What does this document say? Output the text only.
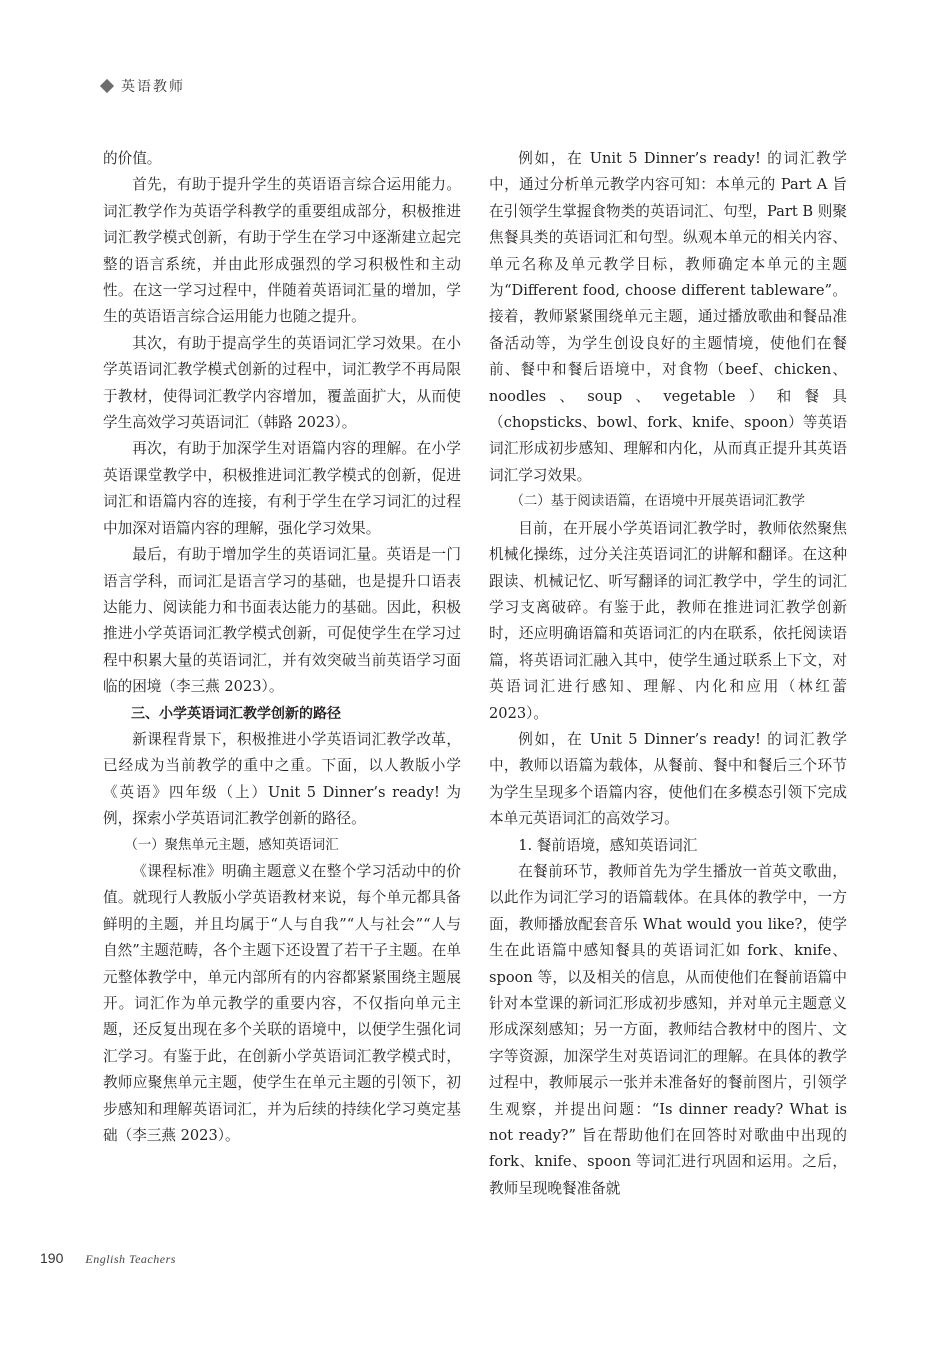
英语教师

的价值。

首先，有助于提升学生的英语语言综合运用能力。词汇教学作为英语学科教学的重要组成部分，积极推进词汇教学模式创新，有助于学生在学习中逐渐建立起完整的语言系统，并由此形成强烈的学习积极性和主动性。在这一学习过程中，伴随着英语词汇量的增加，学生的英语语言综合运用能力也随之提升。

其次，有助于提高学生的英语词汇学习效果。在小学英语词汇教学模式创新的过程中，词汇教学不再局限于教材，使得词汇教学内容增加，覆盖面扩大，从而使学生高效学习英语词汇（韩路 2023）。

再次，有助于加深学生对语篇内容的理解。在小学英语课堂教学中，积极推进词汇教学模式的创新，促进词汇和语篇内容的连接，有利于学生在学习词汇的过程中加深对语篇内容的理解，强化学习效果。

最后，有助于增加学生的英语词汇量。英语是一门语言学科，而词汇是语言学习的基础，也是提升口语表达能力、阅读能力和书面表达能力的基础。因此，积极推进小学英语词汇教学模式创新，可促使学生在学习过程中积累大量的英语词汇，并有效突破当前英语学习面临的困境（李三燕 2023）。

三、小学英语词汇教学创新的路径

新课程背景下，积极推进小学英语词汇教学改革，已经成为当前教学的重中之重。下面，以人教版小学《英语》四年级（上）Unit 5 Dinner’s ready! 为例，探索小学英语词汇教学创新的路径。

（一）聚焦单元主题，感知英语词汇

《课程标准》明确主题意义在整个学习活动中的价值。就现行人教版小学英语教材来说，每个单元都具备鲜明的主题，并且均属于“人与自我”“人与社会”“人与自然”主题范畴，各个主题下还设置了若干子主题。在单元整体教学中，单元内部所有的内容都紧紧围绕主题展开。词汇作为单元教学的重要内容，不仅指向单元主题，还反复出现在多个关联的语境中，以便学生强化词汇学习。有鉴于此，在创新小学英语词汇教学模式时，教师应聚焦单元主题，使学生在单元主题的引领下，初步感知和理解英语词汇，并为后续的持续化学习奠定基础（李三燕 2023）。

例如，在 Unit 5 Dinner’s ready! 的词汇教学中，通过分析单元教学内容可知：本单元的 Part A 旨在引领学生掌握食物类的英语词汇、句型，Part B 则聚焦餐具类的英语词汇和句型。纵观本单元的相关内容、单元名称及单元教学目标，教师确定本单元的主题为“Different food, choose different tableware”。接着，教师紧紧围绕单元主题，通过播放歌曲和餐品准备活动等，为学生创设良好的主题情境，使他们在餐前、餐中和餐后语境中，对食物（beef、chicken、noodles、soup、vegetable）和餐具（chopsticks、bowl、fork、knife、spoon）等英语词汇形成初步感知、理解和内化，从而真正提升其英语词汇学习效果。

（二）基于阅读语篇，在语境中开展英语词汇教学

目前，在开展小学英语词汇教学时，教师依然聚焦机械化操练，过分关注英语词汇的讲解和翻译。在这种跟读、机械记忆、听写翻译的词汇教学中，学生的词汇学习支离破碎。有鉴于此，教师在推进词汇教学创新时，还应明确语篇和英语词汇的内在联系，依托阅读语篇，将英语词汇融入其中，使学生通过联系上下文，对英语词汇进行感知、理解、内化和应用（林红蕾 2023）。

例如，在 Unit 5 Dinner’s ready! 的词汇教学中，教师以语篇为载体，从餐前、餐中和餐后三个环节为学生呈现多个语篇内容，使他们在多模态引领下完成本单元英语词汇的高效学习。

1. 餐前语境，感知英语词汇

在餐前环节，教师首先为学生播放一首英文歌曲，以此作为词汇学习的语篇载体。在具体的教学中，一方面，教师播放配套音乐 What would you like?，使学生在此语篇中感知餐具的英语词汇如 fork、knife、spoon 等，以及相关的信息，从而使他们在餐前语篇中针对本堂课的新词汇形成初步感知，并对单元主题意义形成深刻感知；另一方面，教师结合教材中的图片、文字等资源，加深学生对英语词汇的理解。在具体的教学过程中，教师展示一张并未准备好的餐前图片，引领学生观察，并提出问题：“Is dinner ready? What is not ready?” 旨在帮助他们在回答时对歌曲中出现的 fork、knife、spoon 等词汇进行巩固和运用。之后，教师呈现晚餐准备就

190 English Teachers
